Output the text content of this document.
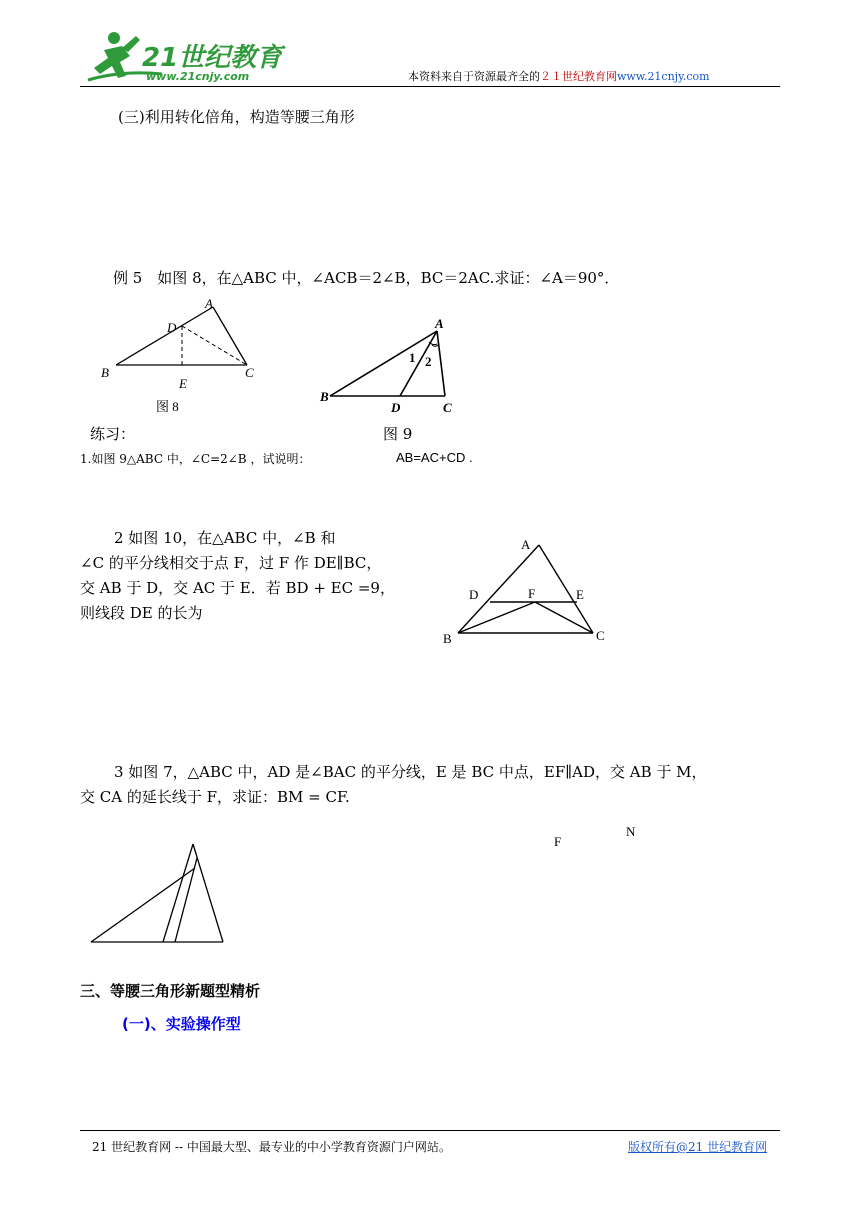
21世纪教育
www.21cnjy.com	本资料来自于资源最齐全的２１世纪教育网www.21cnjy.com
(三)利用转化倍角，构造等腰三角形
例 5　如图 8，在△ABC 中，∠ACB＝2∠B，BC＝2AC.求证：∠A＝90°．
A
D
B	C
E
图 8
A
1 2
B
D	C
练习：	图 9
1.如图 9△ABC 中，∠C=2∠B ，试说明：	AB=AC+CD .
2 如图 10，在△ABC 中，∠B 和
∠C 的平分线相交于点 F，过 F 作 DE∥BC，
交 AB 于 D，交 AC 于 E．若 BD + EC =9，
则线段 DE 的长为
A
D	F	E
B	C
3 如图 7，△ABC 中，AD 是∠BAC 的平分线，E 是 BC 中点，EF∥AD，交 AB 于 M，
交 CA 的延长线于 F，求证：BM = CF.
F
N
三、等腰三角形新题型精析
(一)、实验操作型
21 世纪教育网 -- 中国最大型、最专业的中小学教育资源门户网站。	版权所有@21 世纪教育网
